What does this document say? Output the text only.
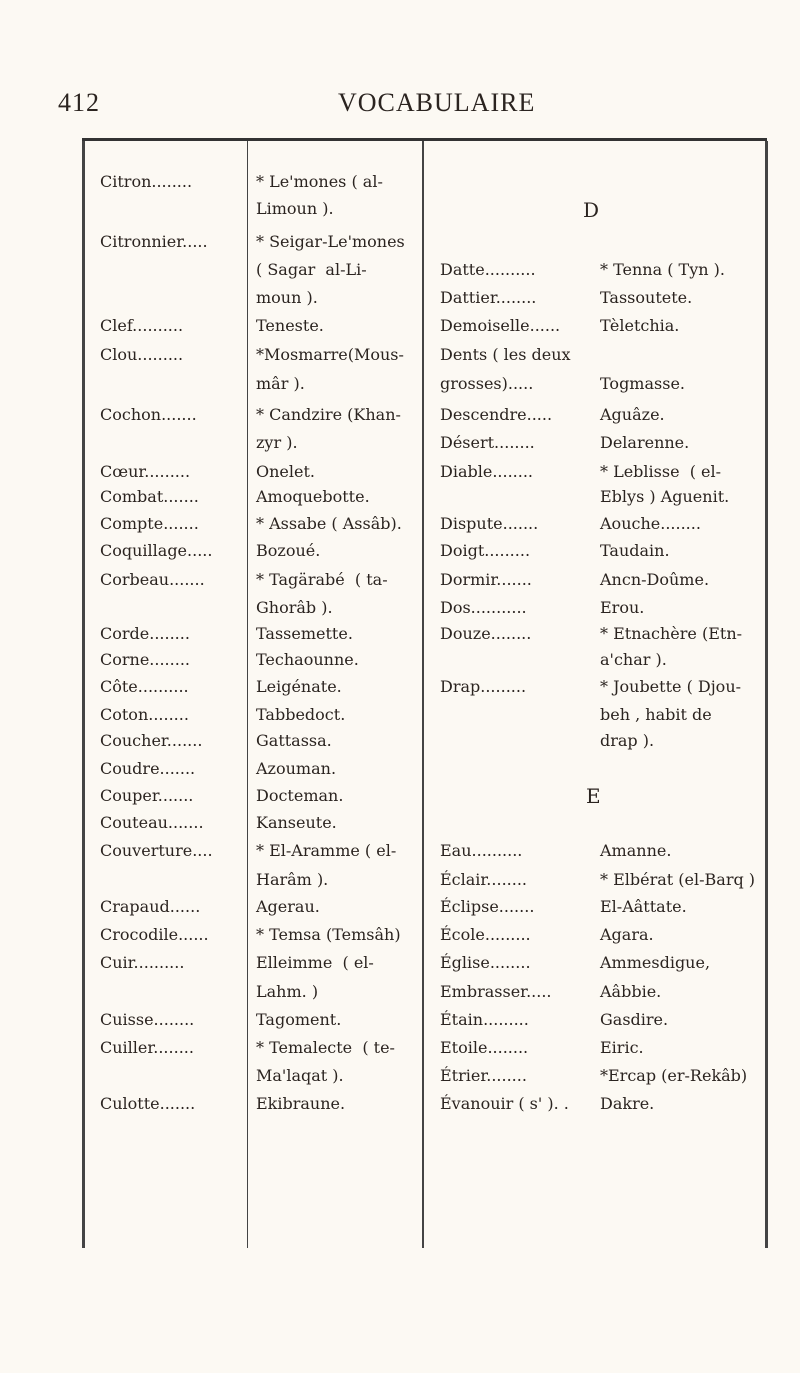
412	VOCABULAIRE
Citron........
Citronnier.....
Clef..........
Clou.........
Cochon.......
Cœur.........
Combat.......
Compte.......
Coquillage.....
Corbeau.......
Corde........
Corne........
Côte..........
Coton........
Coucher.......
Coudre.......
Couper.......
Couteau.......
Couverture....
Crapaud......
Crocodile......
Cuir..........
Cuisse........
Cuiller........
Culotte.......
* Le'mones ( al-
Limoun ).
* Seigar-Le'mones
( Sagar  al-Li-
moun ).
Teneste.
*Mosmarre(Mous-
mâr ).
* Candzire (Khan-
zyr ).
Onelet.
Amoquebotte.
* Assabe ( Assâb).
Bozoué.
* Tagärabé  ( ta-
Ghorâb ).
Tassemette.
Techaounne.
Leigénate.
Tabbedoct.
Gattassa.
Azouman.
Docteman.
Kanseute.
* El-Aramme ( el-
Harâm ).
Agerau.
* Temsa (Temsâh)
Elleimme  ( el-
Lahm. )
Tagoment.
* Temalecte  ( te-
Ma'laqat ).
Ekibraune.
D
E
Datte..........
Dattier........
Demoiselle......
Dents ( les deux
grosses).....
Descendre.....
Désert........
Diable........
Dispute.......
Doigt.........
Dormir.......
Dos...........
Douze........
Drap.........
Eau..........
Éclair........
Éclipse.......
École.........
Église........
Embrasser.....
Étain.........
Etoile........
Étrier........
Évanouir ( s' ). .
* Tenna ( Tyn ).
Tassoutete.
Tèletchia.
Togmasse.
Aguâze.
Delarenne.
* Leblisse  ( el-
Eblys ) Aguenit.
Aouche........
Taudain.
Ancn-Doûme.
Erou.
* Etnachère (Etn-
a'char ).
* Joubette ( Djou-
beh , habit de
drap ).
Amanne.
* Elbérat (el-Barq )
El-Aâttate.
Agara.
Ammesdigue,
Aâbbie.
Gasdire.
Eiric.
*Ercap (er-Rekâb)
Dakre.
